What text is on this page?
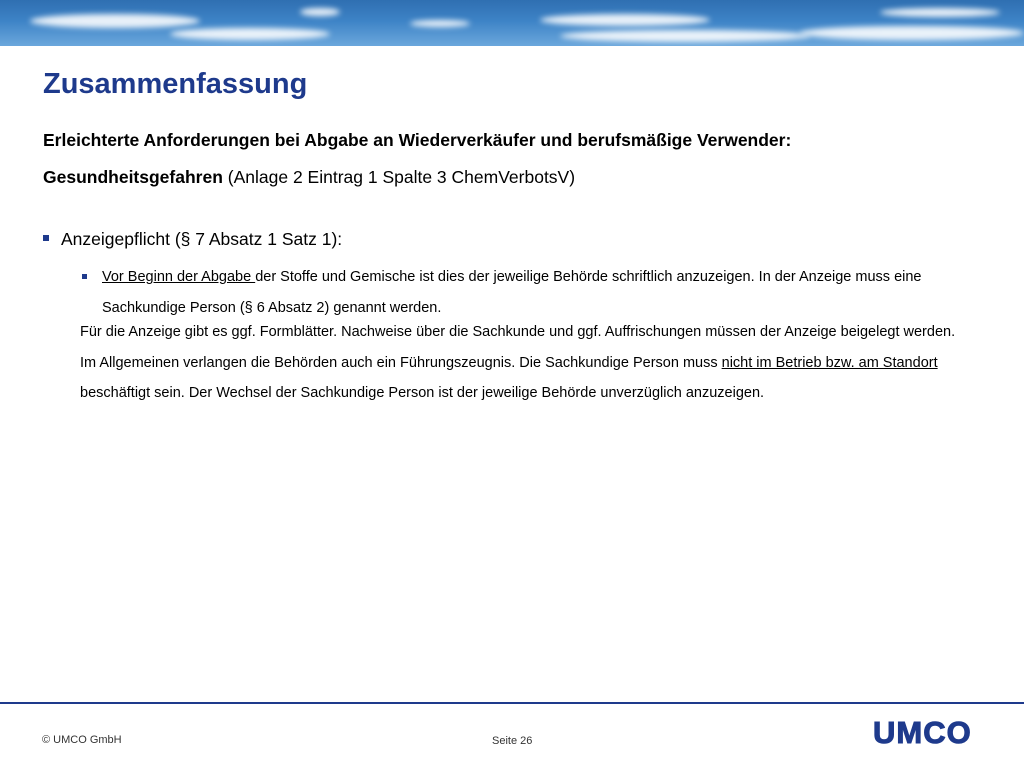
Zusammenfassung
Erleichterte Anforderungen bei Abgabe an Wiederverkäufer und berufsmäßige Verwender:
Gesundheitsgefahren (Anlage 2 Eintrag 1 Spalte 3 ChemVerbotsV)
Anzeigepflicht (§ 7 Absatz 1 Satz 1):
Vor Beginn der Abgabe der Stoffe und Gemische ist dies der jeweilige Behörde schriftlich anzuzeigen. In der Anzeige muss eine Sachkundige Person (§ 6 Absatz 2) genannt werden.
Für die Anzeige gibt es ggf. Formblätter. Nachweise über die Sachkunde und ggf. Auffrischungen müssen der Anzeige beigelegt werden. Im Allgemeinen verlangen die Behörden auch ein Führungszeugnis. Die Sachkundige Person muss nicht im Betrieb bzw. am Standort beschäftigt sein. Der Wechsel der Sachkundige Person ist der jeweilige Behörde unverzüglich anzuzeigen.
© UMCO GmbH	Seite 26	UMCO
